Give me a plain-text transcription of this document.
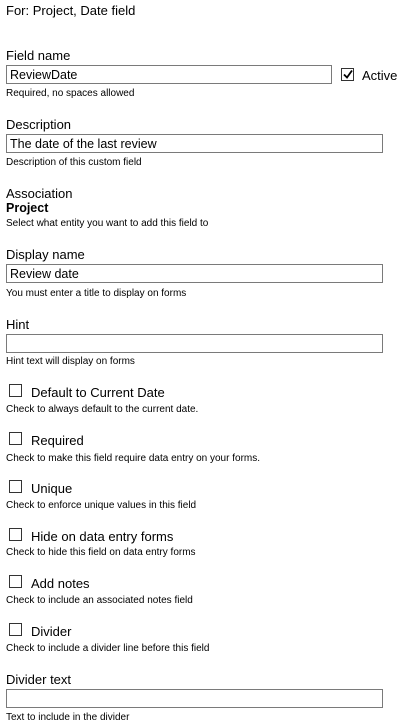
For: Project, Date field
Field name
ReviewDate
Active
Required, no spaces allowed
Description
The date of the last review
Description of this custom field
Association
Project
Select what entity you want to add this field to
Display name
Review date
You must enter a title to display on forms
Hint
Hint text will display on forms
Default to Current Date
Check to always default to the current date.
Required
Check to make this field require data entry on your forms.
Unique
Check to enforce unique values in this field
Hide on data entry forms
Check to hide this field on data entry forms
Add notes
Check to include an associated notes field
Divider
Check to include a divider line before this field
Divider text
Text to include in the divider
